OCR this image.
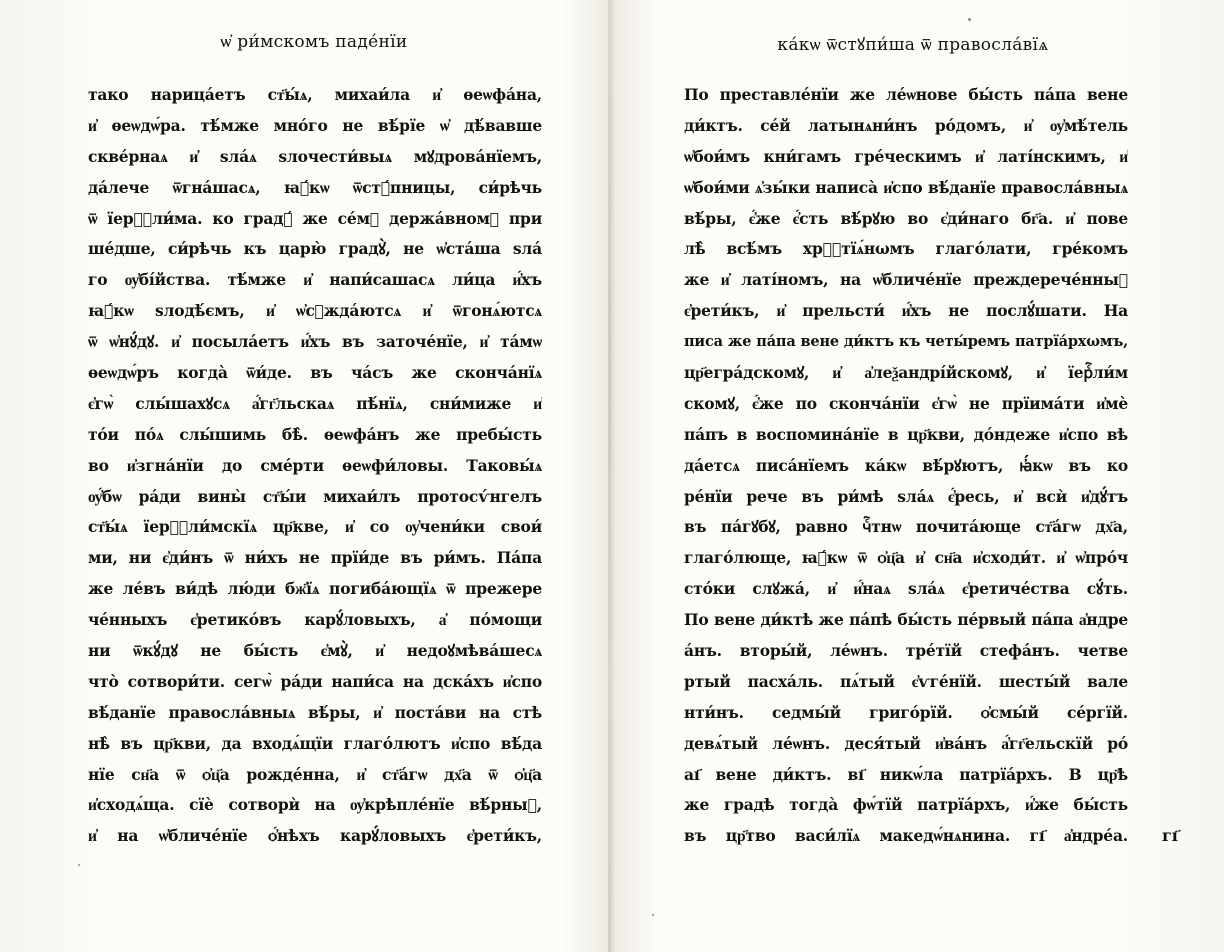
ѡ҆ ри́мскомъ паде́нїи
тако нарица́етъ ст҃ы́ѧ, михаи́ла и҆ ѳеѡфа́на,
и҆ ѳеѡдѡ́ра. тѣ́мже мно́го не вѣ́рїе ѡ҆ дѣ́вавше
скве́рнаѧ и҆ ѕла́ѧ ѕлочести́выѧ мꙋдрова́нїемъ,
да́лече ѿгна́шасѧ, ꙗ҆́кѡ ѿстꙋ́пницы, си́рѣчь
ѿ їерⷭ҇ли́ма. ко градꙋ́ же се́мꙋ держа́вномꙋ при
ше́дше, си́рѣчь къ царю̀ градꙋ̀, не ѡ҆ста́ша ѕла́
го ѹ҆бі́йства. тѣ́мже и҆ напи́сашасѧ ли́ца и҆́хъ
ꙗ҆́кѡ ѕлодѣ́ємъ, и҆ ѡ҆сꙋжда́ютсѧ и҆ ѿгонѧ́ютсѧ
ѿ ѡ҆нꙋ́дꙋ. и҆ посыла́етъ и҆́хъ въ заточе́нїе, и҆ та́мѡ
ѳеѡдѡ́ръ когда̀ ѿи́де. въ ча́съ же сконча́нїѧ
є҆гѡ̀ слы́шахꙋсѧ а҆́гг҃льскаѧ пѣ́нїѧ, сни́миже и҆
то́и по́ѧ слы́шимь бѣ̀. ѳеѡфа́нъ же пребы́сть
во и҆згна́нїи до сме́рти ѳеѡфи́ловы. Таковы́ѧ
ѹ҆́бѡ ра́ди вины̀ ст҃ы́и михаи́лъ протосѵ́нгелъ
ст҃ы́ѧ їерⷭ҇ли́мскїѧ цр҃кве, и҆ со ѹ҆чени́ки свои́
ми, ни є҆ди́нъ ѿ ни́хъ не прїи́де въ ри́мъ. Па́па
же ле́въ ви́дѣ лю́ди бж҃їѧ погиба́ющїѧ ѿ прежере
че́нныхъ є҆ретико́въ карꙋ́ловыхъ, а҆ по́мощи
ни ѿкꙋ́дꙋ не бы́сть є҆мꙋ̀, и҆ недоꙋмѣва́шесѧ
что̀ сотвори́ти. сегѡ̀ ра́ди напи́са на дска́хъ и҆спо
вѣ́данїе правосла́вныѧ вѣ́ры, и҆ поста́ви на стѣ
нѣ̀ въ цр҃кви, да входѧ́щїи глаго́лютъ и҆спо вѣ́да
нїе сн҃а ѿ ѻ҆ц҃а рожде́нна, и҆ ст҃а́гѡ дх҃а ѿ ѻ҆ц҃а
и҆сходѧ́ща. сїѐ сотворѝ на ѹ҆крѣпле́нїе вѣ́рныⷯ,
и҆ на ѡ҆бличе́нїе ѻ҆́нѣхъ карꙋ́ловыхъ є҆рети́къ,
ка́кѡ ѿстꙋпи́ша ѿ правосла́вїѧ
По преставле́нїи же ле́ѡнове бы́сть па́па вене
ди́ктъ. се́й латынѧни́нъ ро́домъ, и҆ ѹ҆мѣ́тель
ѡ҆бои́мъ кни́гамъ гре́ческимъ и҆ латі́нскимъ, и҆
ѡ҆бои́ми ѧ҆зы́ки написа̀ и҆спо вѣ́данїе правосла́вныѧ
вѣ́ры, є҆́же є҆́сть вѣ́рꙋю во є҆ди́наго бг҃а. и҆ пове
лѣ̀ всѣ́мъ хрⷭ҇тїѧ́нωмъ глаго́лати, гре́комъ
же и҆ латі́номъ, на ѡ҆бличе́нїе преждерече́нныⷯ
є҆рети́къ, и҆ прельсти́ и҆́хъ не послꙋ́шати. На
писа же па́па вене ди́ктъ къ четы́ремъ патрїа́рхωмъ,
цр҃егра́дскомꙋ, и҆ а҆леѯандрі́йскомꙋ, и҆ їерⷭ҇ли́м
скомꙋ, є҆́же по сконча́нїи є҆гѡ̀ не прїима́ти и҆мѐ
па́пъ в воспомина́нїе в цр҃кви, до́ндеже и҆спо вѣ
да́етсѧ писа́нїемъ ка́кѡ вѣ́рꙋютъ, ꙗ҆́кѡ въ ко
ре́нїи рече въ ри́мѣ ѕла́ѧ є҆́ресь, и҆ всѝ и҆дꙋ́тъ
въ па́гꙋбꙋ, равно чⷭ҇тнѡ почита́юще ст҃а́гѡ дх҃а,
глаго́люще, ꙗ҆́кѡ ѿ ѻ҆ц҃а и҆ сн҃а и҆сходи́т. и҆ ѡ҆про́ч
сто́ки слꙋжа́, и҆ и҆́наѧ ѕла́ѧ є҆ретиче́ства сꙋ́ть.
По вене ди́ктѣ же па́пѣ бы́сть пе́рвый па́па а҆ндре
а́нъ. вторы́й, ле́ѡнъ. тре́тїй стефа́нъ. четве
ртый пасха́ль. пѧ́тый є҆ѵге́нїй. шесты́й вале
нти́нъ. седмы́й григо́рїй. ѻ҆смы́й се́ргїй.
девѧ́тый ле́ѡнъ. деся́тый и҆ва́нъ а҆́гг҃ельскїй ро́
аı҃ вене ди́ктъ. вı҃ никѡ́ла патрїа́рхъ. В цр҃ѣ
же градѣ тогда̀ фѡ́тїй патрїа́рхъ, и҆́же бы́сть
въ цр҃тво васи́лїѧ македѡ́нѧнина. гı҃ а҆ндре́а. гı҃
